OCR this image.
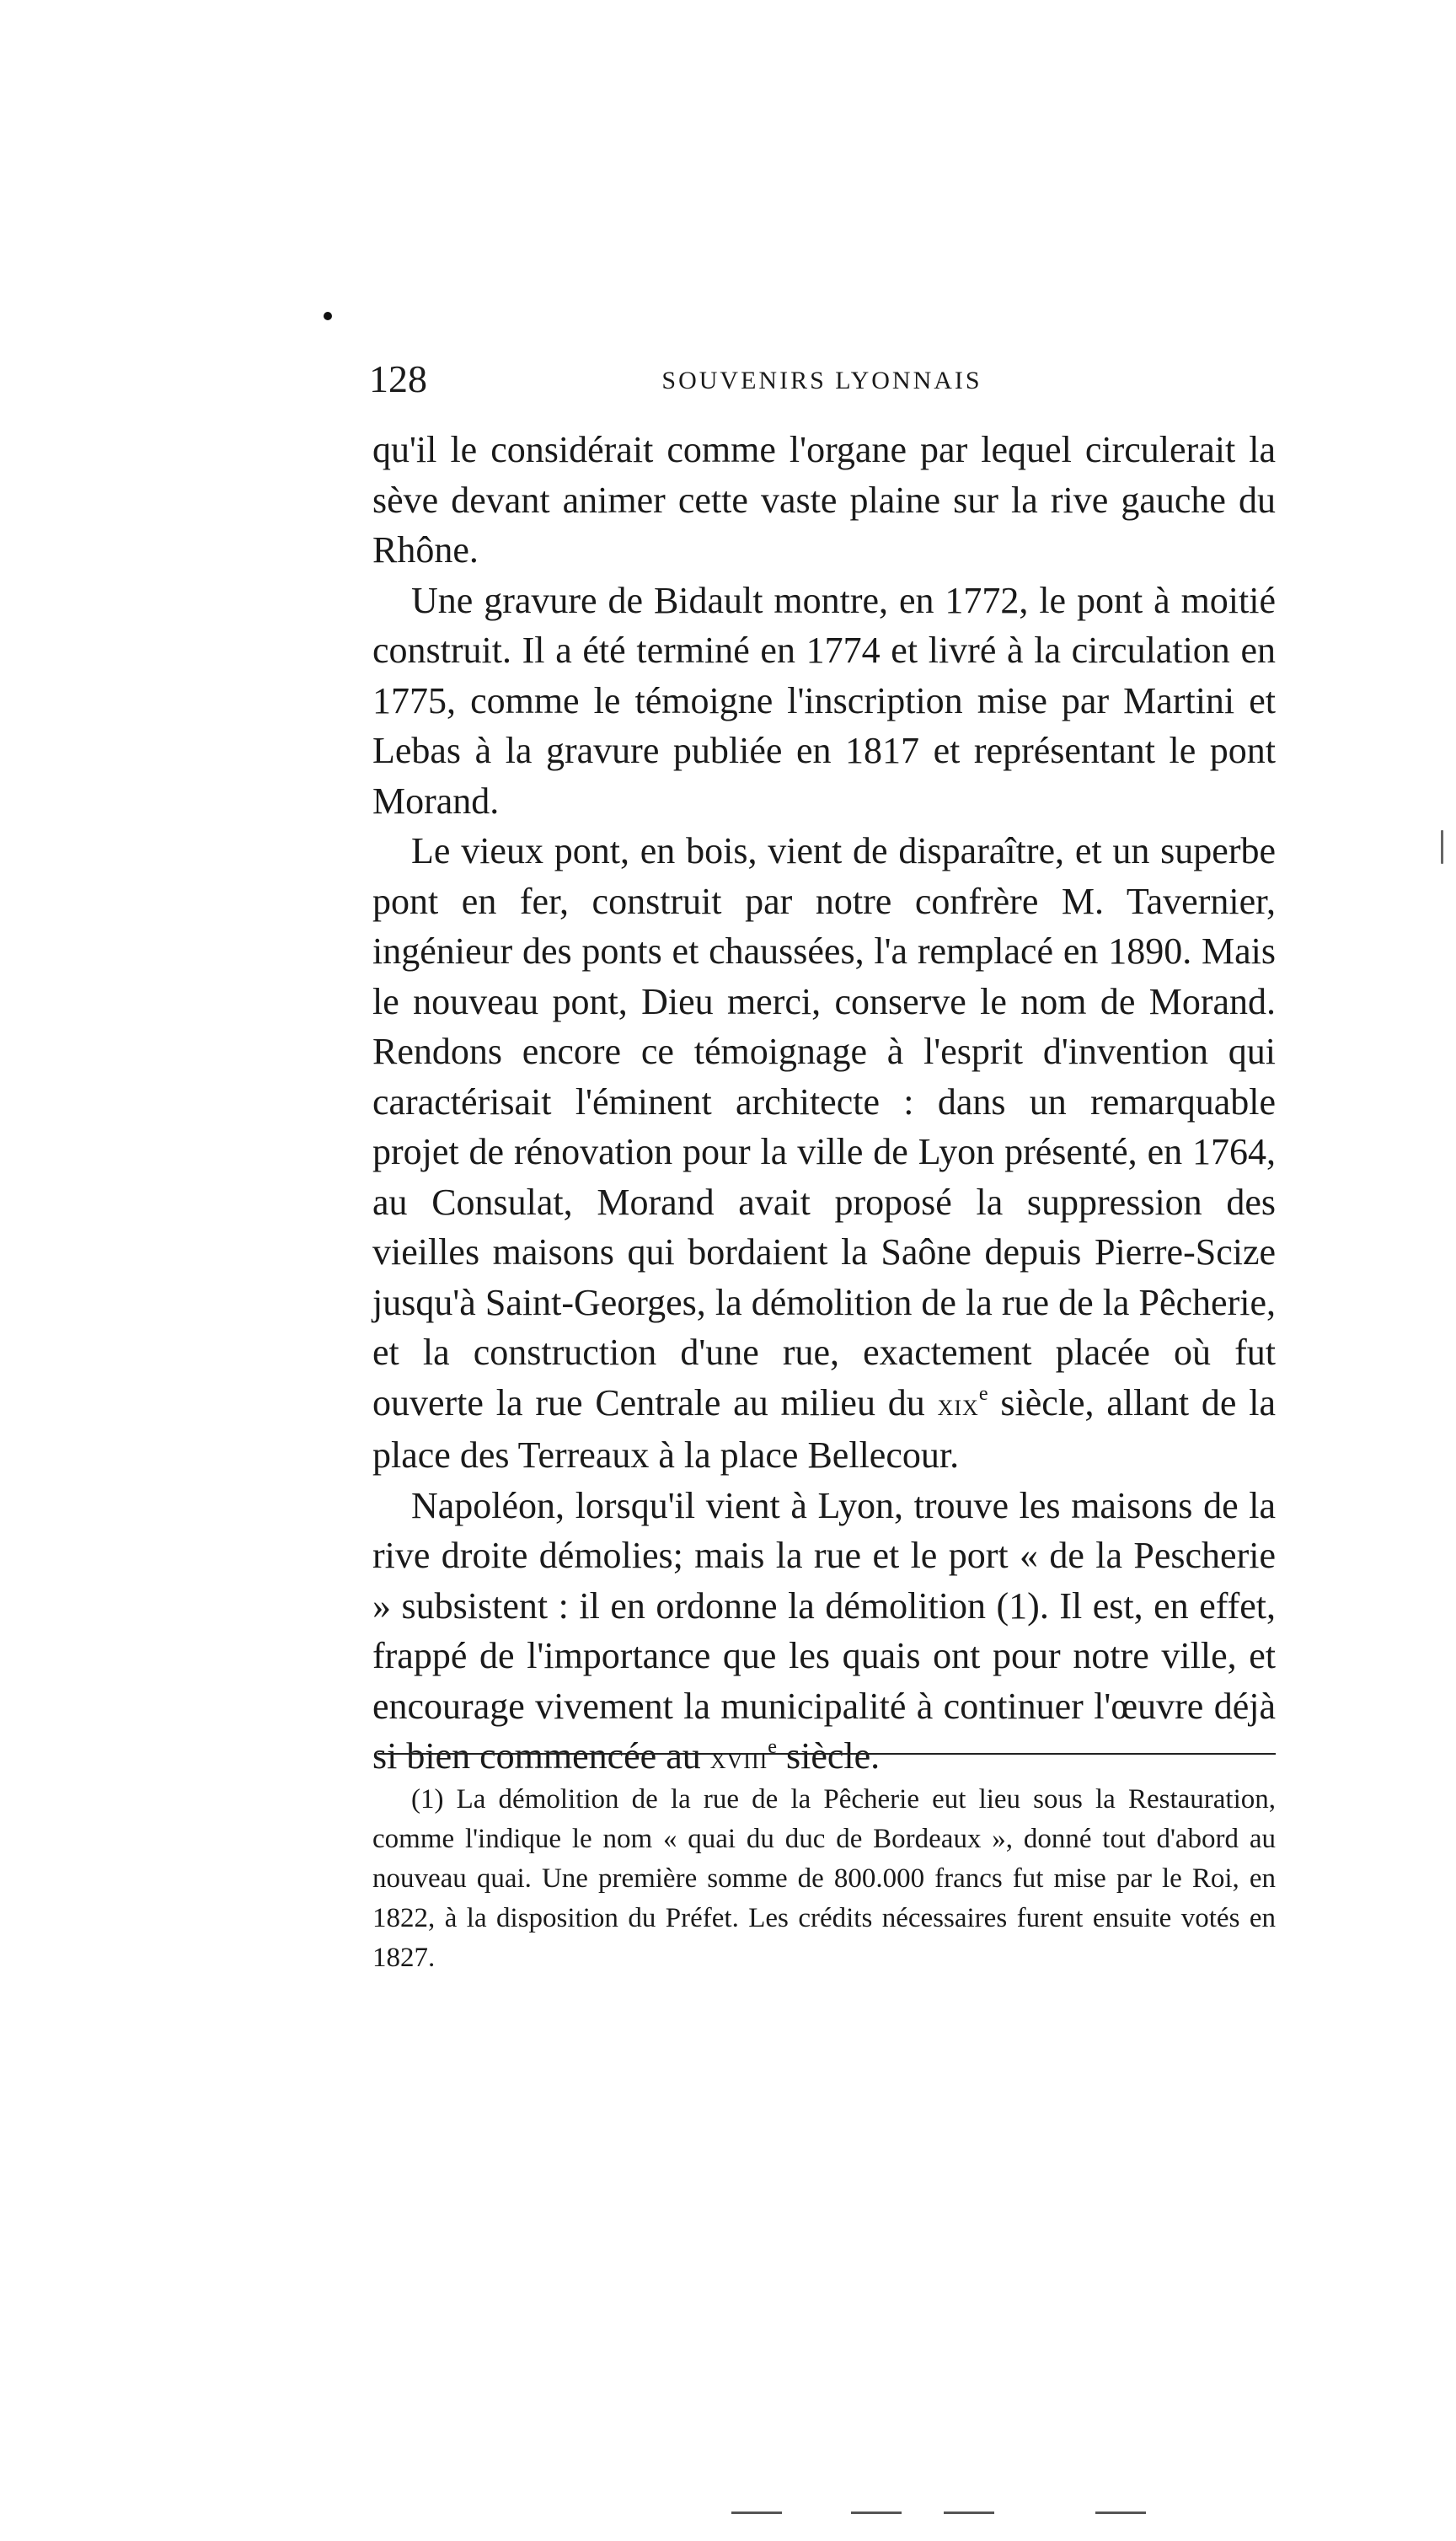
128	SOUVENIRS LYONNAIS

qu'il le considérait comme l'organe par lequel circulerait la sève devant animer cette vaste plaine sur la rive gauche du Rhône.

Une gravure de Bidault montre, en 1772, le pont à moitié construit. Il a été terminé en 1774 et livré à la circulation en 1775, comme le témoigne l'inscription mise par Martini et Lebas à la gravure publiée en 1817 et représentant le pont Morand.

Le vieux pont, en bois, vient de disparaître, et un superbe pont en fer, construit par notre confrère M. Tavernier, ingénieur des ponts et chaussées, l'a remplacé en 1890. Mais le nouveau pont, Dieu merci, conserve le nom de Morand. Rendons encore ce témoignage à l'esprit d'invention qui caractérisait l'éminent architecte : dans un remarquable projet de rénovation pour la ville de Lyon présenté, en 1764, au Consulat, Morand avait proposé la suppression des vieilles maisons qui bordaient la Saône depuis Pierre-Scize jusqu'à Saint-Georges, la démolition de la rue de la Pêcherie, et la construction d'une rue, exactement placée où fut ouverte la rue Centrale au milieu du xix$^e$ siècle, allant de la place des Terreaux à la place Bellecour.

Napoléon, lorsqu'il vient à Lyon, trouve les maisons de la rive droite démolies; mais la rue et le port « de la Pescherie » subsistent : il en ordonne la démolition (1). Il est, en effet, frappé de l'importance que les quais ont pour notre ville, et encourage vivement la municipalité à continuer l'œuvre déjà si bien commencée au xviii$^e$ siècle.

(1) La démolition de la rue de la Pêcherie eut lieu sous la Restauration, comme l'indique le nom « quai du duc de Bordeaux », donné tout d'abord au nouveau quai. Une première somme de 800.000 francs fut mise par le Roi, en 1822, à la disposition du Préfet. Les crédits nécessaires furent ensuite votés en 1827.
